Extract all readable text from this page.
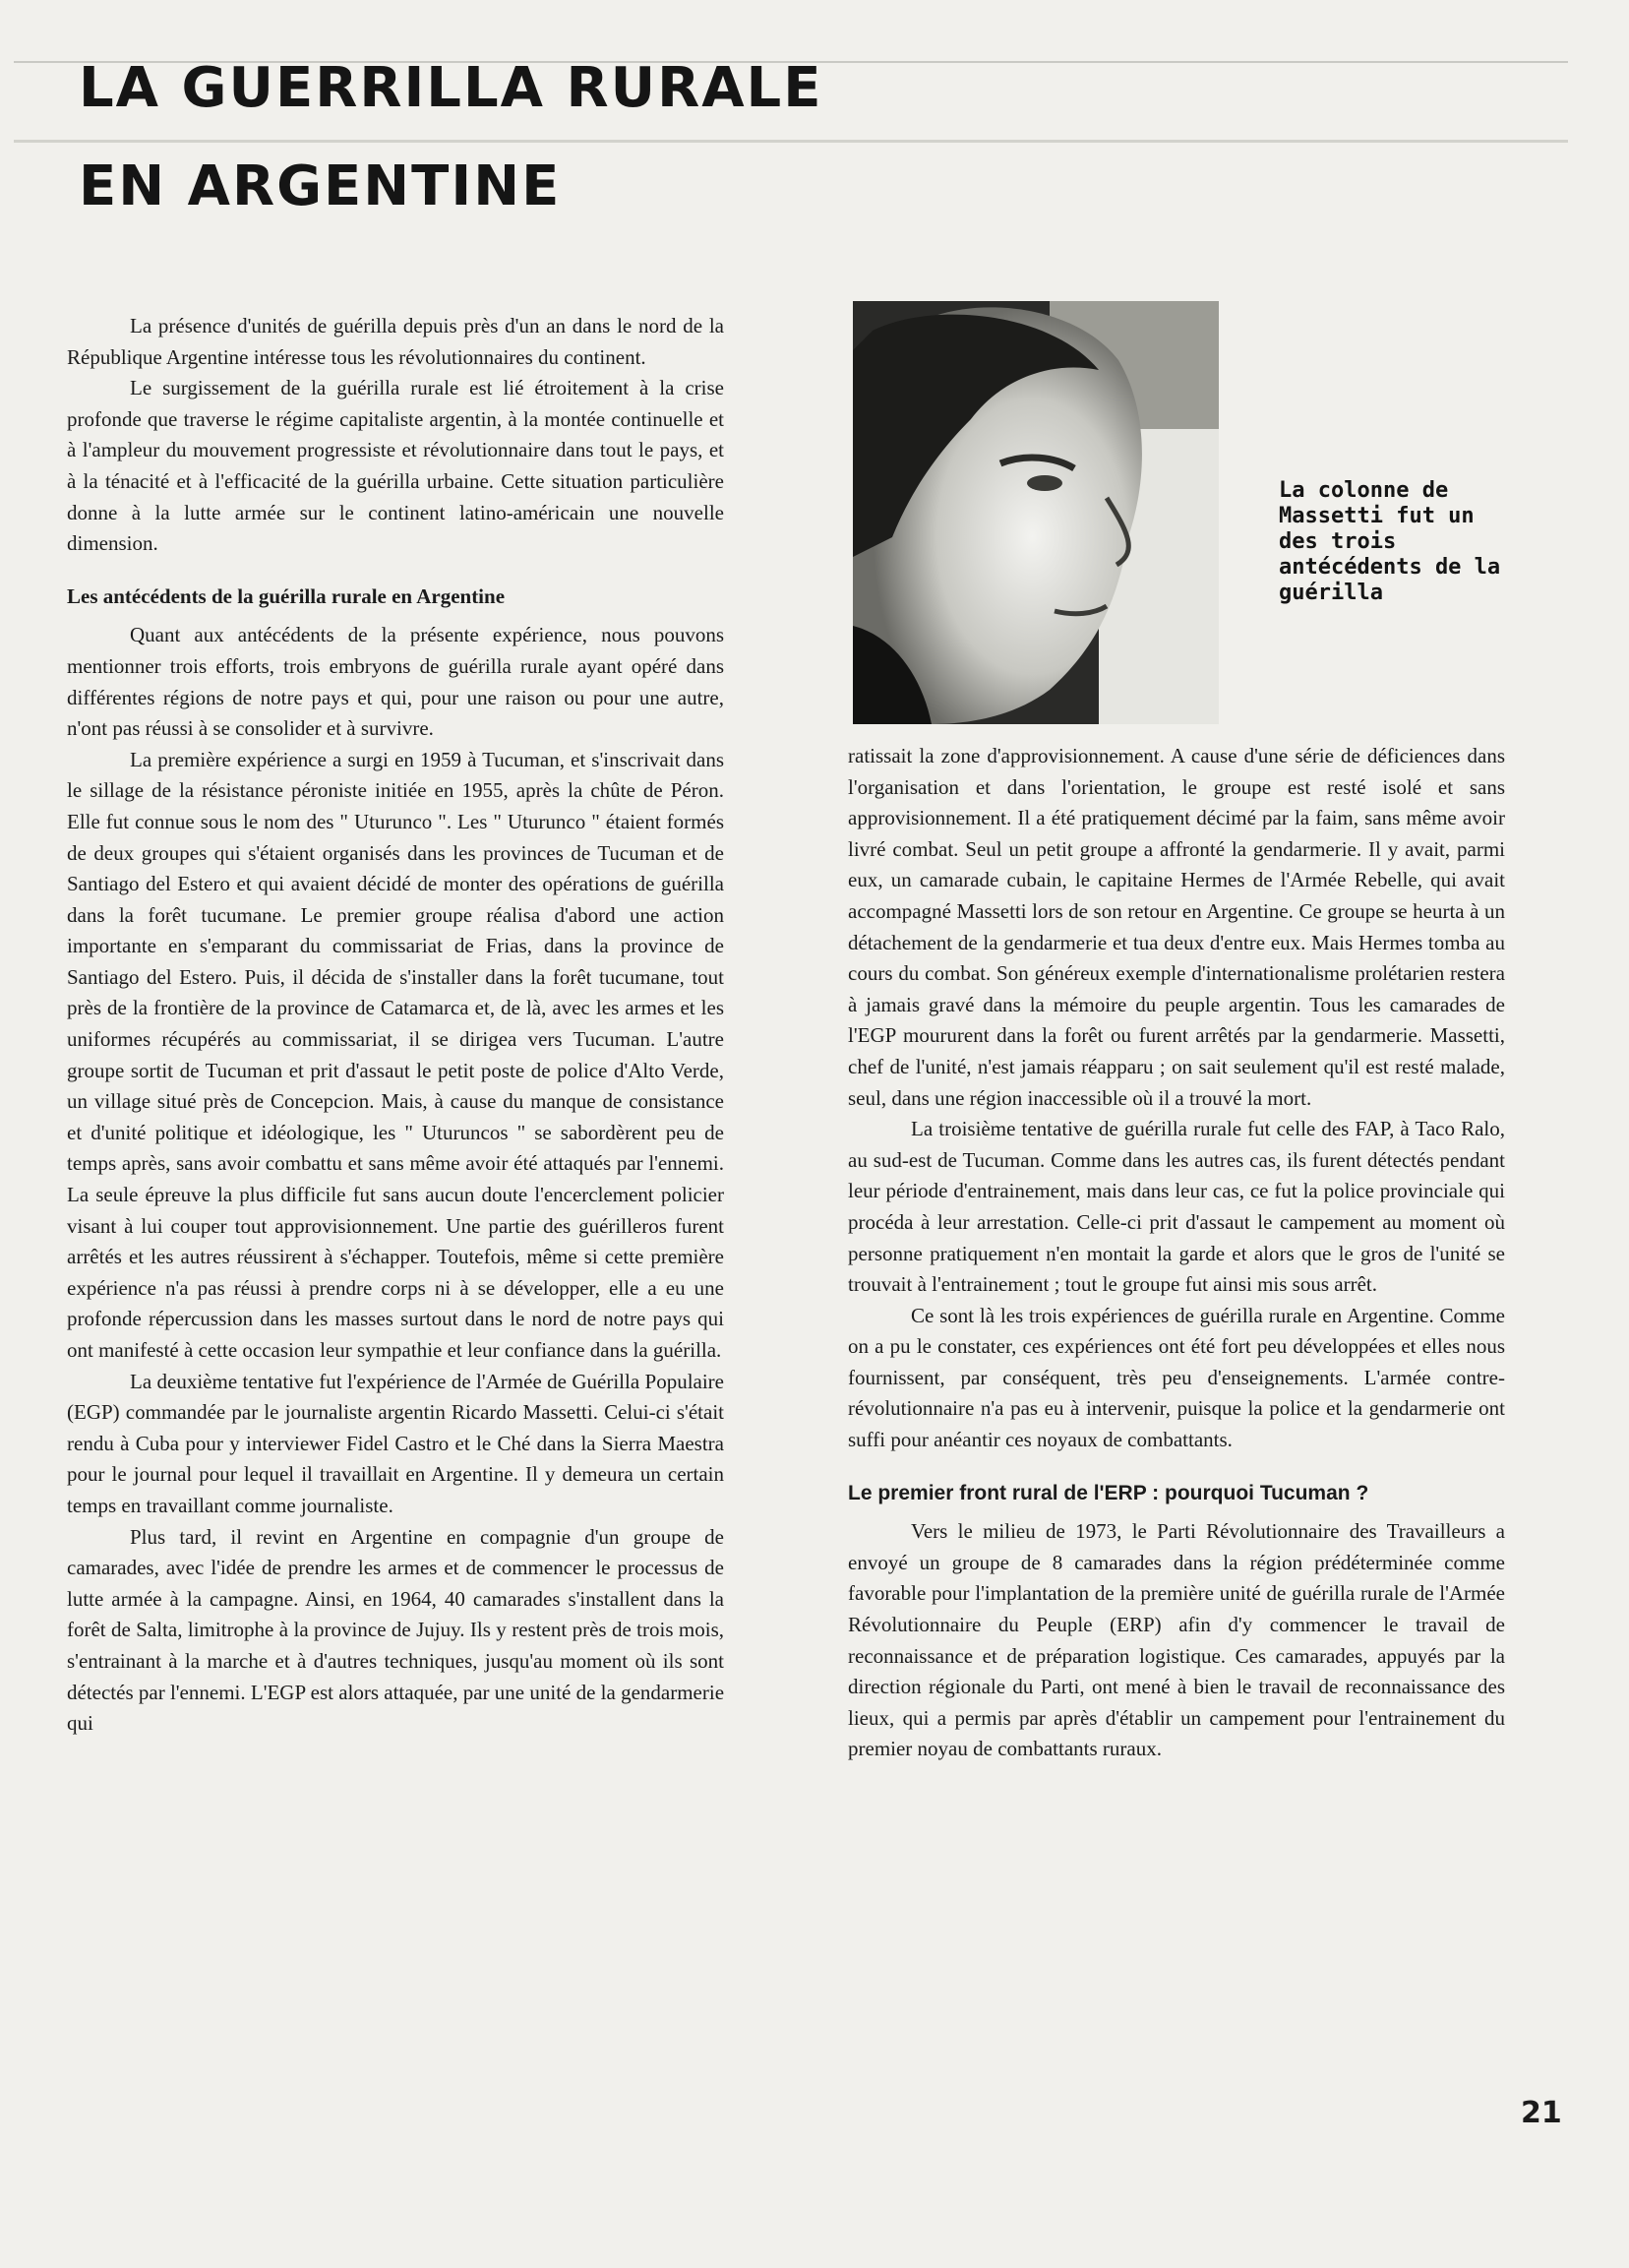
LA GUERRILLA RURALE
EN ARGENTINE

La présence d'unités de guérilla depuis près d'un an dans le nord de la République Argentine intéresse tous les révolutionnaires du continent.

Le surgissement de la guérilla rurale est lié étroitement à la crise profonde que traverse le régime capitaliste argentin, à la montée continuelle et à l'ampleur du mouvement progressiste et révolutionnaire dans tout le pays, et à la ténacité et à l'efficacité de la guérilla urbaine. Cette situation particulière donne à la lutte armée sur le continent latino-américain une nouvelle dimension.

Les antécédents de la guérilla rurale en Argentine

Quant aux antécédents de la présente expérience, nous pouvons mentionner trois efforts, trois embryons de guérilla rurale ayant opéré dans différentes régions de notre pays et qui, pour une raison ou pour une autre, n'ont pas réussi à se consolider et à survivre.

La première expérience a surgi en 1959 à Tucuman, et s'inscrivait dans le sillage de la résistance péroniste initiée en 1955, après la chûte de Péron. Elle fut connue sous le nom des " Uturunco ". Les " Uturunco " étaient formés de deux groupes qui s'étaient organisés dans les provinces de Tucuman et de Santiago del Estero et qui avaient décidé de monter des opérations de guérilla dans la forêt tucumane. Le premier groupe réalisa d'abord une action importante en s'emparant du commissariat de Frias, dans la province de Santiago del Estero. Puis, il décida de s'installer dans la forêt tucumane, tout près de la frontière de la province de Catamarca et, de là, avec les armes et les uniformes récupérés au commissariat, il se dirigea vers Tucuman. L'autre groupe sortit de Tucuman et prit d'assaut le petit poste de police d'Alto Verde, un village situé près de Concepcion. Mais, à cause du manque de consistance et d'unité politique et idéologique, les " Uturuncos " se sabordèrent peu de temps après, sans avoir combattu et sans même avoir été attaqués par l'ennemi. La seule épreuve la plus difficile fut sans aucun doute l'encerclement policier visant à lui couper tout approvisionnement. Une partie des guérilleros furent arrêtés et les autres réussirent à s'échapper. Toutefois, même si cette première expérience n'a pas réussi à prendre corps ni à se développer, elle a eu une profonde répercussion dans les masses surtout dans le nord de notre pays qui ont manifesté à cette occasion leur sympathie et leur confiance dans la guérilla.

La deuxième tentative fut l'expérience de l'Armée de Guérilla Populaire (EGP) commandée par le journaliste argentin Ricardo Massetti. Celui-ci s'était rendu à Cuba pour y interviewer Fidel Castro et le Ché dans la Sierra Maestra pour le journal pour lequel il travaillait en Argentine. Il y demeura un certain temps en travaillant comme journaliste.

Plus tard, il revint en Argentine en compagnie d'un groupe de camarades, avec l'idée de prendre les armes et de commencer le processus de lutte armée à la campagne. Ainsi, en 1964, 40 camarades s'installent dans la forêt de Salta, limitrophe à la province de Jujuy. Ils y restent près de trois mois, s'entrainant à la marche et à d'autres techniques, jusqu'au moment où ils sont détectés par l'ennemi. L'EGP est alors attaquée, par une unité de la gendarmerie qui

La colonne de Massetti fut un des trois antécédents de la guérilla

ratissait la zone d'approvisionnement. A cause d'une série de déficiences dans l'organisation et dans l'orientation, le groupe est resté isolé et sans approvisionnement. Il a été pratiquement décimé par la faim, sans même avoir livré combat. Seul un petit groupe a affronté la gendarmerie. Il y avait, parmi eux, un camarade cubain, le capitaine Hermes de l'Armée Rebelle, qui avait accompagné Massetti lors de son retour en Argentine. Ce groupe se heurta à un détachement de la gendarmerie et tua deux d'entre eux. Mais Hermes tomba au cours du combat. Son généreux exemple d'internationalisme prolétarien restera à jamais gravé dans la mémoire du peuple argentin. Tous les camarades de l'EGP moururent dans la forêt ou furent arrêtés par la gendarmerie. Massetti, chef de l'unité, n'est jamais réapparu ; on sait seulement qu'il est resté malade, seul, dans une région inaccessible où il a trouvé la mort.

La troisième tentative de guérilla rurale fut celle des FAP, à Taco Ralo, au sud-est de Tucuman. Comme dans les autres cas, ils furent détectés pendant leur période d'entrainement, mais dans leur cas, ce fut la police provinciale qui procéda à leur arrestation. Celle-ci prit d'assaut le campement au moment où personne pratiquement n'en montait la garde et alors que le gros de l'unité se trouvait à l'entrainement ; tout le groupe fut ainsi mis sous arrêt.

Ce sont là les trois expériences de guérilla rurale en Argentine. Comme on a pu le constater, ces expériences ont été fort peu développées et elles nous fournissent, par conséquent, très peu d'enseignements. L'armée contre-révolutionnaire n'a pas eu à intervenir, puisque la police et la gendarmerie ont suffi pour anéantir ces noyaux de combattants.

Le premier front rural de l'ERP : pourquoi Tucuman ?

Vers le milieu de 1973, le Parti Révolutionnaire des Travailleurs a envoyé un groupe de 8 camarades dans la région prédéterminée comme favorable pour l'implantation de la première unité de guérilla rurale de l'Armée Révolutionnaire du Peuple (ERP) afin d'y commencer le travail de reconnaissance et de préparation logistique. Ces camarades, appuyés par la direction régionale du Parti, ont mené à bien le travail de reconnaissance des lieux, qui a permis par après d'établir un campement pour l'entrainement du premier noyau de combattants ruraux.

21
